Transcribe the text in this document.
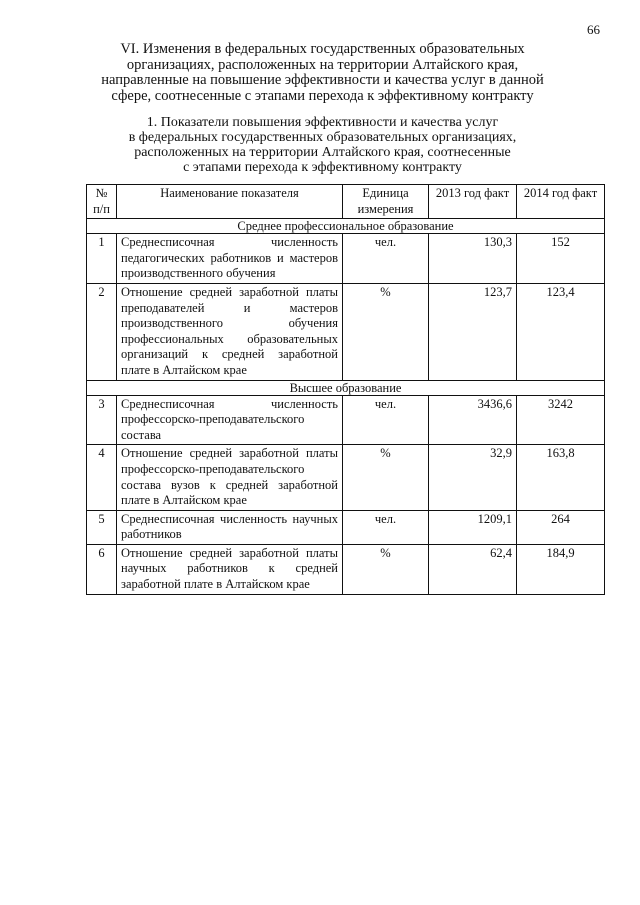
66
VI. Изменения в федеральных государственных образовательных
организациях, расположенных на территории Алтайского края,
направленные на повышение эффективности и качества услуг в данной
сфере, соотнесенные с этапами перехода к эффективному контракту
1. Показатели повышения эффективности и качества услуг
в федеральных государственных образовательных организациях,
расположенных на территории Алтайского края, соотнесенные
с этапами перехода к эффективному контракту
№ п/п	Наименование показателя	Единица измерения	2013 год факт	2014 год факт
Среднее профессиональное образование				
1	Среднесписочная численность педагогических работников и мастеров производственного обучения	чел.	130,3	152
2	Отношение средней заработной платы преподавателей и мастеров производственного обучения профессиональных образовательных организаций к средней заработной плате в Алтайском крае	%	123,7	123,4
Высшее образование				
3	Среднесписочная численность профессорско-преподавательского состава	чел.	3436,6	3242
4	Отношение средней заработной платы профессорско-преподавательского состава вузов к средней заработной плате в Алтайском крае	%	32,9	163,8
5	Среднесписочная численность научных работников	чел.	1209,1	264
6	Отношение средней заработной платы научных работников к средней заработной плате в Алтайском крае	%	62,4	184,9
